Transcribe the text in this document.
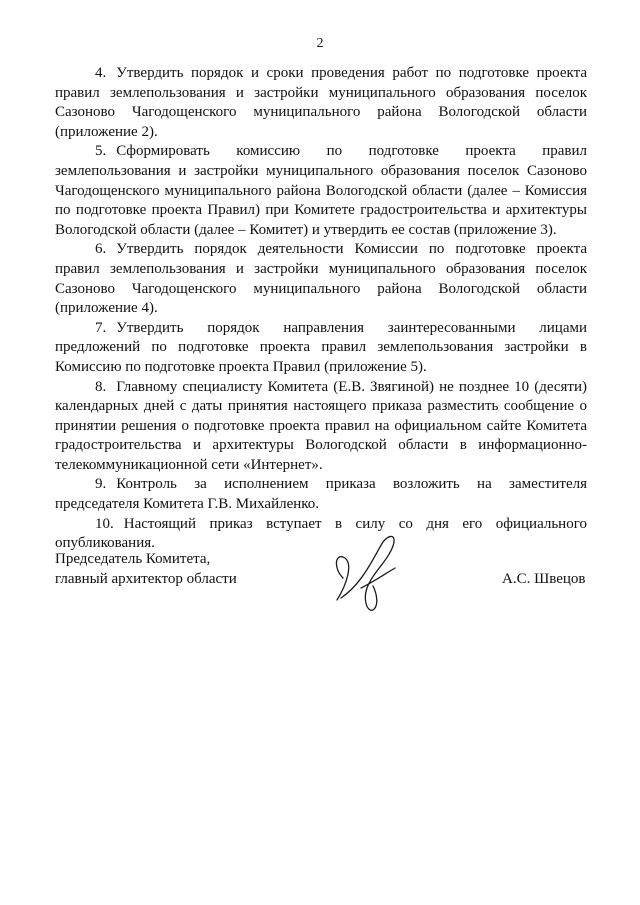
2

4. Утвердить порядок и сроки проведения работ по подготовке проекта правил землепользования и застройки муниципального образования поселок Сазоново Чагодощенского муниципального района Вологодской области (приложение 2).

5. Сформировать комиссию по подготовке проекта правил землепользования и застройки муниципального образования поселок Сазоново Чагодощенского муниципального района Вологодской области (далее – Комиссия по подготовке проекта Правил) при Комитете градостроительства и архитектуры Вологодской области (далее – Комитет) и утвердить ее состав (приложение 3).

6. Утвердить порядок деятельности Комиссии по подготовке проекта правил землепользования и застройки муниципального образования поселок Сазоново Чагодощенского муниципального района Вологодской области (приложение 4).

7. Утвердить порядок направления заинтересованными лицами предложений по подготовке проекта правил землепользования застройки в Комиссию по подготовке проекта Правил (приложение 5).

8. Главному специалисту Комитета (Е.В. Звягиной) не позднее 10 (десяти) календарных дней с даты принятия настоящего приказа разместить сообщение о принятии решения о подготовке проекта правил на официальном сайте Комитета градостроительства и архитектуры Вологодской области в информационно-телекоммуникационной сети «Интернет».

9. Контроль за исполнением приказа возложить на заместителя председателя Комитета Г.В. Михайленко.

10. Настоящий приказ вступает в силу со дня его официального опубликования.

Председатель Комитета,
главный архитектор области	А.С. Швецов
